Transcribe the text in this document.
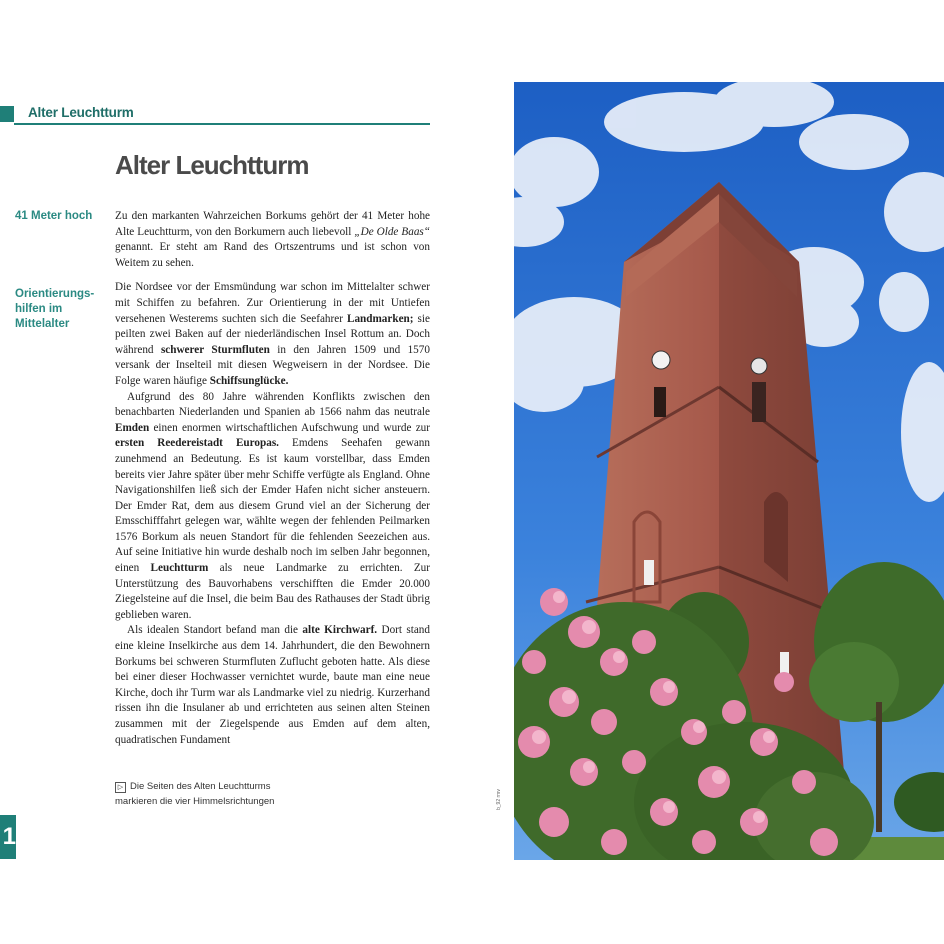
Alter Leuchtturm
Alter Leuchtturm
41 Meter hoch
Orientierungs-
hilfen im
Mittelalter

Zu den markanten Wahrzeichen Borkums gehört der 41 Meter hohe Alte Leuchtturm, von den Borkumern auch liebevoll „De Olde Baas“ genannt. Er steht am Rand des Ortszentrums und ist schon von Weitem zu sehen.

Die Nordsee vor der Emsmündung war schon im Mittelalter schwer mit Schiffen zu befahren. Zur Orientierung in der mit Untiefen versehenen Westerems suchten sich die Seefahrer Landmarken; sie peilten zwei Baken auf der niederländischen Insel Rottum an. Doch während schwerer Sturmfluten in den Jahren 1509 und 1570 versank der Inselteil mit diesen Wegweisern in der Nordsee. Die Folge waren häufige Schiffsunglücke.

Aufgrund des 80 Jahre währenden Konflikts zwischen den benachbarten Niederlanden und Spanien ab 1566 nahm das neutrale Emden einen enormen wirtschaftlichen Aufschwung und wurde zur ersten Reedereistadt Europas. Emdens Seehafen gewann zunehmend an Bedeutung. Es ist kaum vorstellbar, dass Emden bereits vier Jahre später über mehr Schiffe verfügte als England. Ohne Navigationshilfen ließ sich der Emder Hafen nicht sicher ansteuern. Der Emder Rat, dem aus diesem Grund viel an der Sicherung der Emsschifffahrt gelegen war, wählte wegen der fehlenden Peilmarken 1576 Borkum als neuen Standort für die fehlenden Seezeichen aus. Auf seine Initiative hin wurde deshalb noch im selben Jahr begonnen, einen Leuchtturm als neue Landmarke zu errichten. Zur Unterstützung des Bauvorhabens verschifften die Emder 20.000 Ziegelsteine auf die Insel, die beim Bau des Rathauses der Stadt übrig geblieben waren.

Als idealen Standort befand man die alte Kirchwarf. Dort stand eine kleine Inselkirche aus dem 14. Jahrhundert, die den Bewohnern Borkums bei schweren Sturmfluten Zuflucht geboten hatte. Als diese bei einer dieser Hochwasser vernichtet wurde, baute man eine neue Kirche, doch ihr Turm war als Landmarke viel zu niedrig. Kurzerhand rissen ihn die Insulaner ab und errichteten aus seinen alten Steinen zusammen mit der Ziegelspende aus Emden auf dem alten, quadratischen Fundament

▷ Die Seiten des Alten Leuchtturms
markieren die vier Himmelsrichtungen
1
b_92 rmv
